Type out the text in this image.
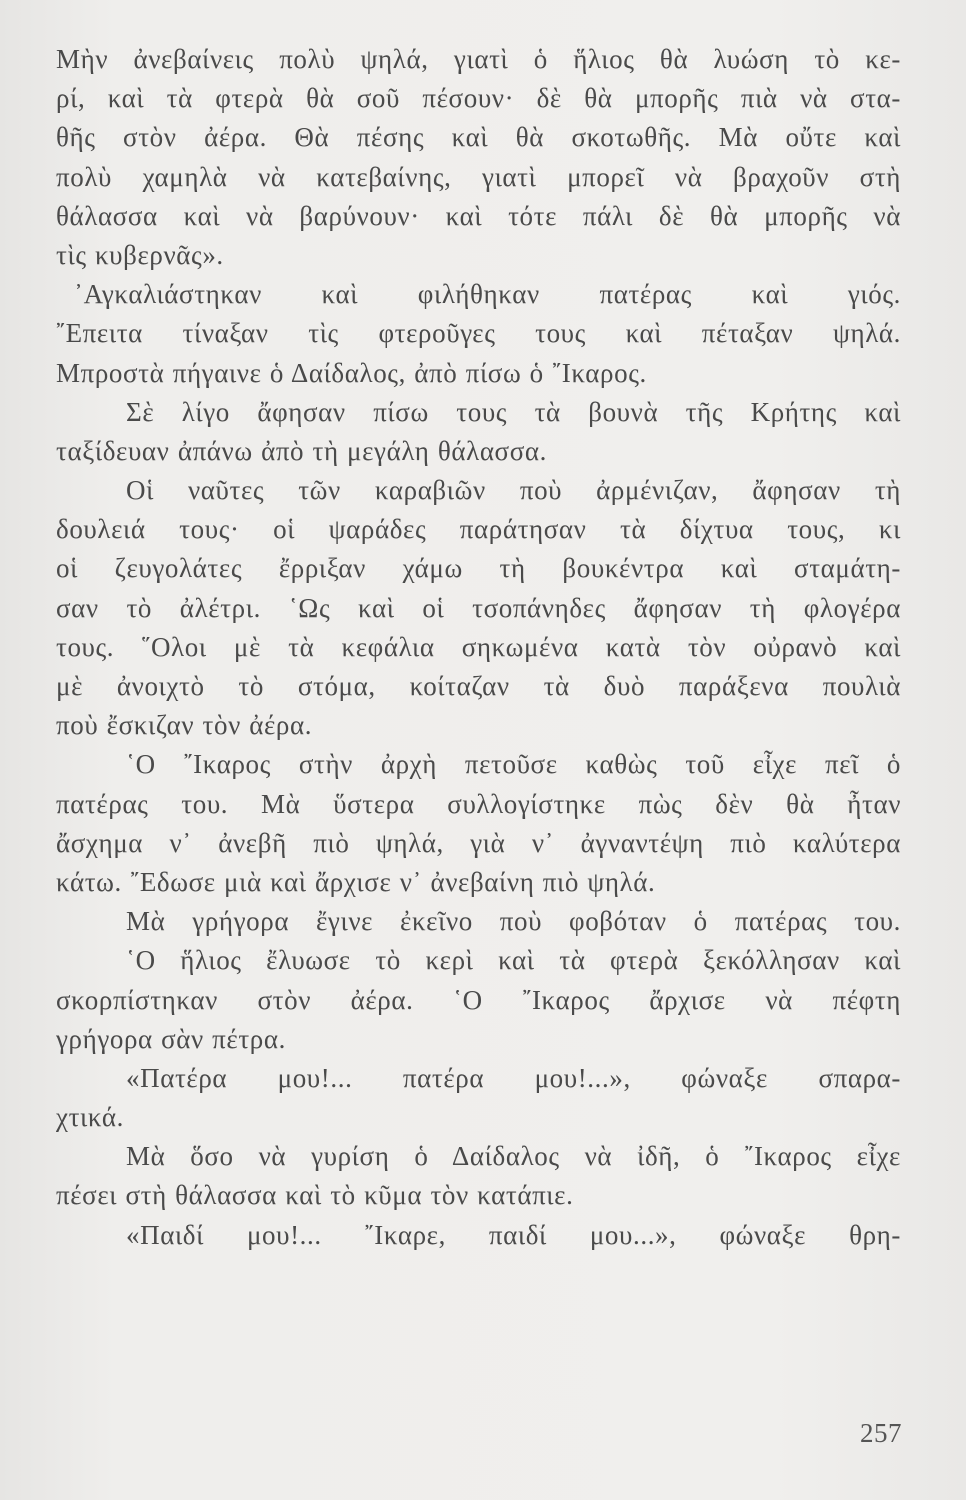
Μὴν ἀνεβαίνεις πολὺ ψηλά, γιατὶ ὁ ἥλιος θὰ λυώση τὸ κε-
ρί, καὶ τὰ φτερὰ θὰ σοῦ πέσουν· δὲ θὰ μπορῆς πιὰ νὰ στα-
θῆς στὸν ἀέρα. Θὰ πέσης καὶ θὰ σκοτωθῆς. Μὰ οὔτε καὶ
πολὺ χαμηλὰ νὰ κατεβαίνης, γιατὶ μπορεῖ νὰ βραχοῦν στὴ
θάλασσα καὶ νὰ βαρύνουν· καὶ τότε πάλι δὲ θὰ μπορῆς νὰ
τὶς κυβερνᾶς».
᾿Αγκαλιάστηκαν καὶ φιλήθηκαν πατέρας καὶ γιός.
῎Επειτα τίναξαν τὶς φτεροῦγες τους καὶ πέταξαν ψηλά.
Μπροστὰ πήγαινε ὁ Δαίδαλος, ἀπὸ πίσω ὁ ῎Ικαρος.
Σὲ λίγο ἄφησαν πίσω τους τὰ βουνὰ τῆς Κρήτης καὶ
ταξίδευαν ἀπάνω ἀπὸ τὴ μεγάλη θάλασσα.
Οἱ ναῦτες τῶν καραβιῶν ποὺ ἀρμένιζαν, ἄφησαν τὴ
δουλειά τους· οἱ ψαράδες παράτησαν τὰ δίχτυα τους, κι
οἱ ζευγολάτες ἔρριξαν χάμω τὴ βουκέντρα καὶ σταμάτη-
σαν τὸ ἀλέτρι. ῾Ως καὶ οἱ τσοπάνηδες ἄφησαν τὴ φλογέρα
τους. ῞Ολοι μὲ τὰ κεφάλια σηκωμένα κατὰ τὸν οὐρανὸ καὶ
μὲ ἀνοιχτὸ τὸ στόμα, κοίταζαν τὰ δυὸ παράξενα πουλιὰ
ποὺ ἔσκιζαν τὸν ἀέρα.
῾Ο ῎Ικαρος στὴν ἀρχὴ πετοῦσε καθὼς τοῦ εἶχε πεῖ ὁ
πατέρας του. Μὰ ὕστερα συλλογίστηκε πὼς δὲν θὰ ἦταν
ἄσχημα ν᾿ ἀνεβῆ πιὸ ψηλά, γιὰ ν᾿ ἀγναντέψη πιὸ καλύτερα
κάτω. ῎Εδωσε μιὰ καὶ ἄρχισε ν᾿ ἀνεβαίνη πιὸ ψηλά.
Μὰ γρήγορα ἔγινε ἐκεῖνο ποὺ φοβόταν ὁ πατέρας του.
῾Ο ἥλιος ἔλυωσε τὸ κερὶ καὶ τὰ φτερὰ ξεκόλλησαν καὶ
σκορπίστηκαν στὸν ἀέρα. ῾Ο ῎Ικαρος ἄρχισε νὰ πέφτη
γρήγορα σὰν πέτρα.
«Πατέρα μου!... πατέρα μου!...», φώναξε σπαρα-
χτικά.
Μὰ ὅσο νὰ γυρίση ὁ Δαίδαλος νὰ ἰδῆ, ὁ ῎Ικαρος εἶχε
πέσει στὴ θάλασσα καὶ τὸ κῦμα τὸν κατάπιε.
«Παιδί μου!... ῎Ικαρε, παιδί μου...», φώναξε θρη-
257
